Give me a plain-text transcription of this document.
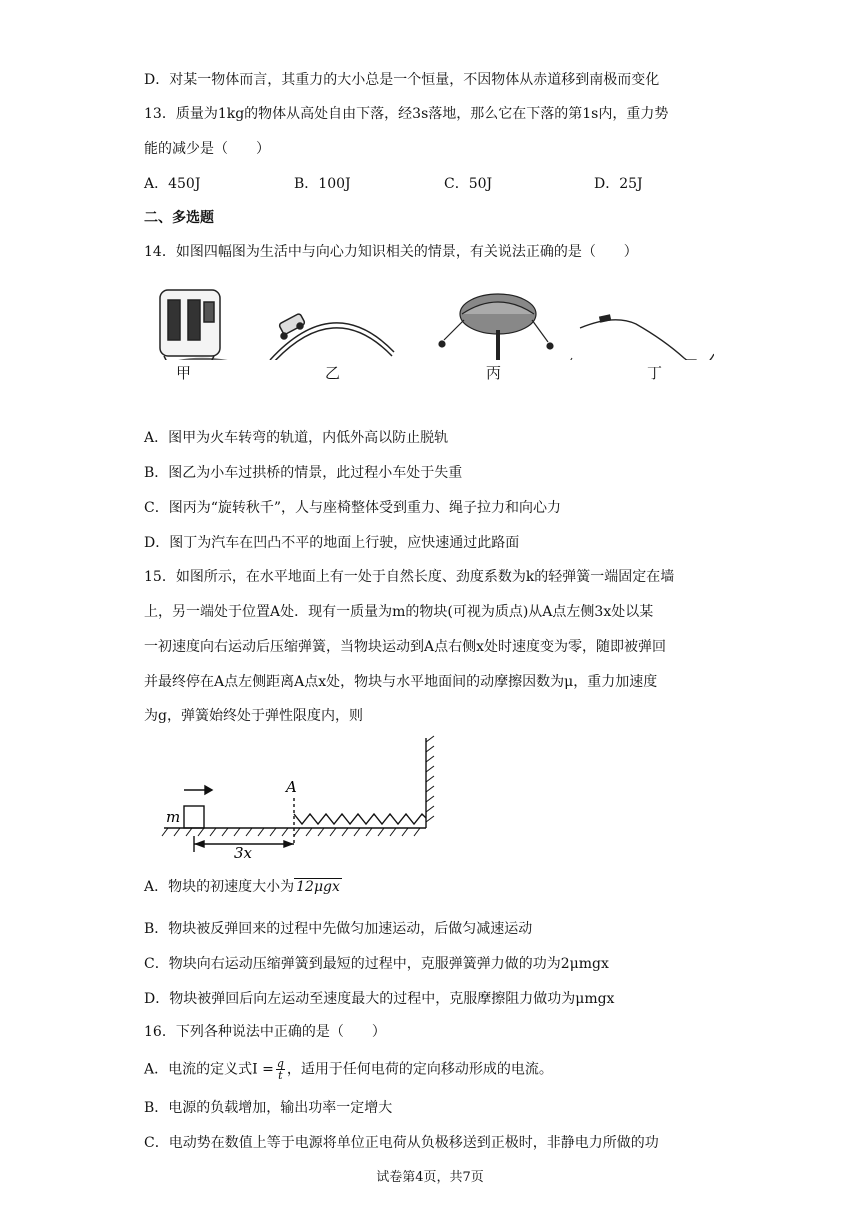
D．对某一物体而言，其重力的大小总是一个恒量，不因物体从赤道移到南极而变化
13．质量为1kg的物体从高处自由下落，经3s落地，那么它在下落的第1s内，重力势
能的减少是（　　）
A．450J	B．100J	C．50J	D．25J
二、多选题
14．如图四幅图为生活中与向心力知识相关的情景，有关说法正确的是（　　）
甲	乙	丙	丁
A．图甲为火车转弯的轨道，内低外高以防止脱轨
B．图乙为小车过拱桥的情景，此过程小车处于失重
C．图丙为“旋转秋千”，人与座椅整体受到重力、绳子拉力和向心力
D．图丁为汽车在凹凸不平的地面上行驶，应快速通过此路面
15．如图所示，在水平地面上有一处于自然长度、劲度系数为k的轻弹簧一端固定在墙
上，另一端处于位置A处．现有一质量为m的物块(可视为质点)从A点左侧3x处以某
一初速度向右运动后压缩弹簧，当物块运动到A点右侧x处时速度变为零，随即被弹回
并最终停在A点左侧距离A点x处，物块与水平地面间的动摩擦因数为μ，重力加速度
为g，弹簧始终处于弹性限度内，则
m
A
3x
A．物块的初速度大小为 12μgx
B．物块被反弹回来的过程中先做匀加速运动，后做匀减速运动
C．物块向右运动压缩弹簧到最短的过程中，克服弹簧弹力做的功为2μmgx
D．物块被弹回后向左运动至速度最大的过程中，克服摩擦阻力做功为μmgx
16．下列各种说法中正确的是（　　）
A．电流的定义式$I = \frac{q}{t}$ ，适用于任何电荷的定向移动形成的电流。
B．电源的负载增加，输出功率一定增大
C．电动势在数值上等于电源将单位正电荷从负极移送到正极时，非静电力所做的功
试卷第4页，共7页
